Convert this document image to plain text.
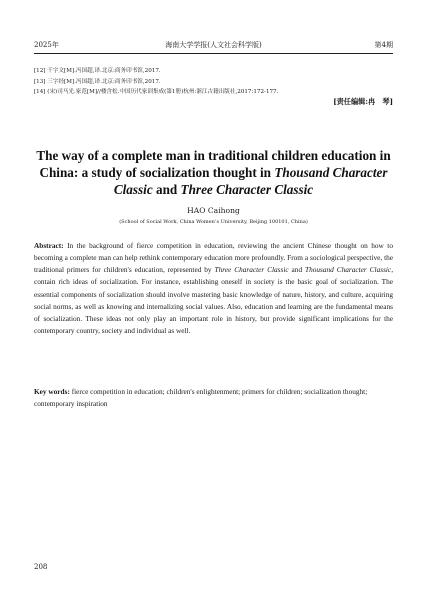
2025年	海南大学学报(人文社会科学版)	第4期
[12] 千字文[M].冯国超,译.北京:商务印书馆,2017.
[13] 三字经[M].冯国超,译.北京:商务印书馆,2017.
[14] (宋)司马光.家范[M]//楼含松.中国历代家训集成(第1册)杭州:浙江古籍出版社,2017:172-177.
[责任编辑:冉　琴]
The way of a complete man in traditional children education in China: a study of socialization thought in Thousand Character Classic and Three Character Classic
HAO Caihong
(School of Social Work, China Women’s University, Beijing 100101, China)
Abstract: In the background of fierce competition in education, reviewing the ancient Chinese thought on how to becoming a complete man can help rethink contemporary education more profoundly. From a sociological perspective, the traditional primers for children's education, represented by Three Character Classic and Thousand Character Classic, contain rich ideas of socialization. For instance, establishing oneself in society is the basic goal of socialization. The essential components of socialization should involve mastering basic knowledge of nature, history, and culture, acquiring social norms, as well as knowing and internalizing social values. Also, education and learning are the fundamental means of socialization. These ideas not only play an important role in history, but provide significant implications for the contemporary country, society and individual as well.
Key words: fierce competition in education; children's enlightenment; primers for children; socialization thought; contemporary inspiration
208
